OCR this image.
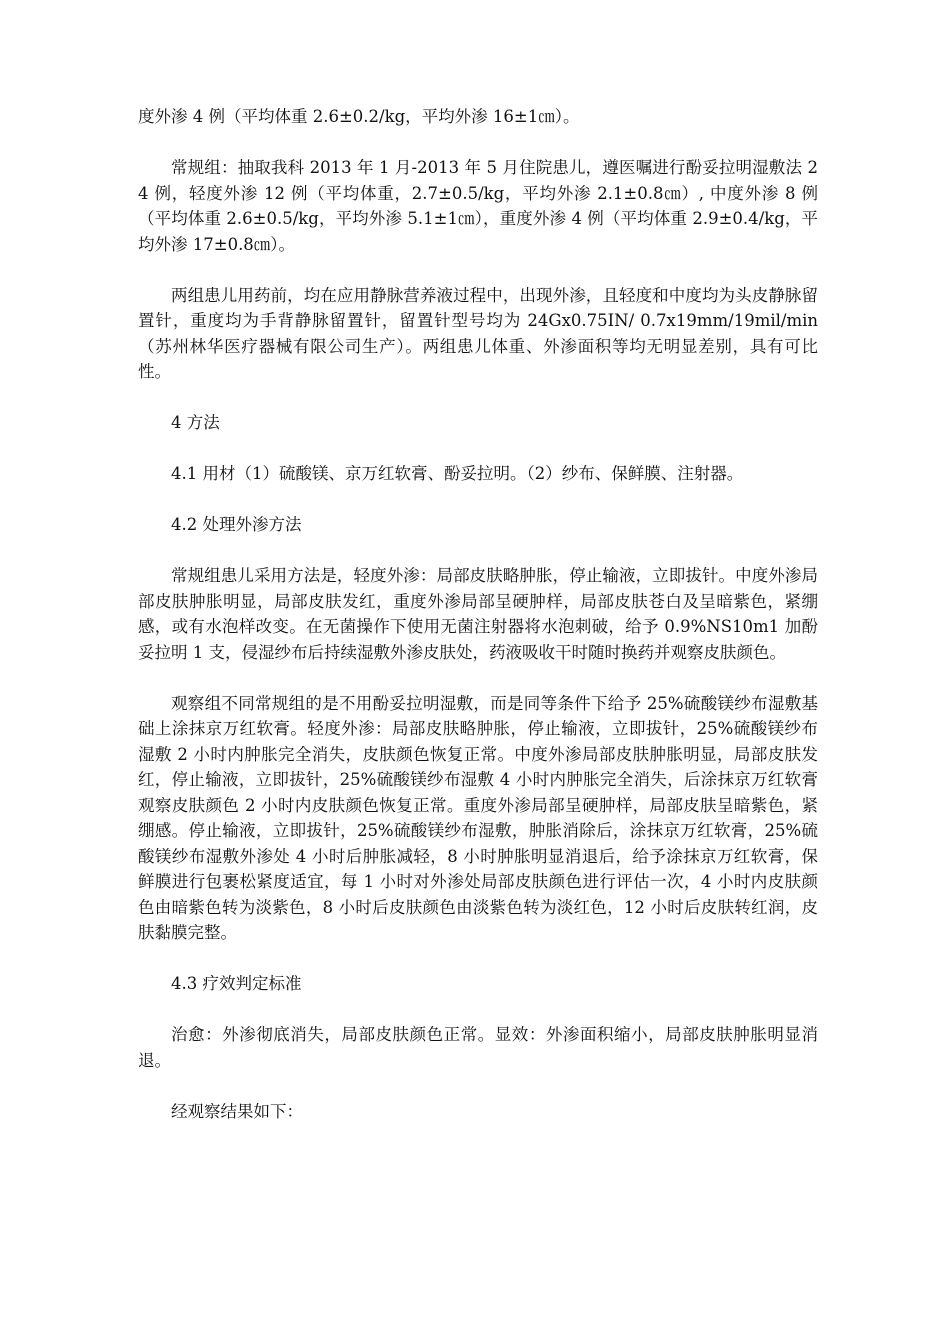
度外渗 4 例（平均体重 2.6±0.2/kg，平均外渗 16±1㎝）。

常规组：抽取我科 2013 年 1 月-2013 年 5 月住院患儿，遵医嘱进行酚妥拉明湿敷法 24 例，轻度外渗 12 例（平均体重，2.7±0.5/kg，平均外渗 2.1±0.8㎝）, 中度外渗 8 例（平均体重 2.6±0.5/kg，平均外渗 5.1±1㎝），重度外渗 4 例（平均体重 2.9±0.4/kg，平均外渗 17±0.8㎝）。

两组患儿用药前，均在应用静脉营养液过程中，出现外渗，且轻度和中度均为头皮静脉留置针，重度均为手背静脉留置针，留置针型号均为 24Gx0.75IN/ 0.7x19mm/19mil/min（苏州林华医疗器械有限公司生产）。两组患儿体重、外渗面积等均无明显差别，具有可比性。

4 方法

4.1 用材（1）硫酸镁、京万红软膏、酚妥拉明。（2）纱布、保鲜膜、注射器。

4.2 处理外渗方法

常规组患儿采用方法是，轻度外渗：局部皮肤略肿胀，停止输液，立即拔针。中度外渗局部皮肤肿胀明显，局部皮肤发红，重度外渗局部呈硬肿样，局部皮肤苍白及呈暗紫色，紧绷感，或有水泡样改变。在无菌操作下使用无菌注射器将水泡刺破，给予 0.9%NS10m1 加酚妥拉明 1 支，侵湿纱布后持续湿敷外渗皮肤处，药液吸收干时随时换药并观察皮肤颜色。

观察组不同常规组的是不用酚妥拉明湿敷，而是同等条件下给予 25%硫酸镁纱布湿敷基础上涂抹京万红软膏。轻度外渗：局部皮肤略肿胀，停止输液，立即拔针，25%硫酸镁纱布湿敷 2 小时内肿胀完全消失，皮肤颜色恢复正常。中度外渗局部皮肤肿胀明显，局部皮肤发红，停止输液，立即拔针，25%硫酸镁纱布湿敷 4 小时内肿胀完全消失，后涂抹京万红软膏观察皮肤颜色 2 小时内皮肤颜色恢复正常。重度外渗局部呈硬肿样，局部皮肤呈暗紫色，紧绷感。停止输液，立即拔针，25%硫酸镁纱布湿敷，肿胀消除后，涂抹京万红软膏，25%硫酸镁纱布湿敷外渗处 4 小时后肿胀减轻，8 小时肿胀明显消退后，给予涂抹京万红软膏，保鲜膜进行包裹松紧度适宜，每 1 小时对外渗处局部皮肤颜色进行评估一次，4 小时内皮肤颜色由暗紫色转为淡紫色，8 小时后皮肤颜色由淡紫色转为淡红色，12 小时后皮肤转红润，皮肤黏膜完整。

4.3 疗效判定标准

治愈：外渗彻底消失，局部皮肤颜色正常。显效：外渗面积缩小，局部皮肤肿胀明显消退。

经观察结果如下：
